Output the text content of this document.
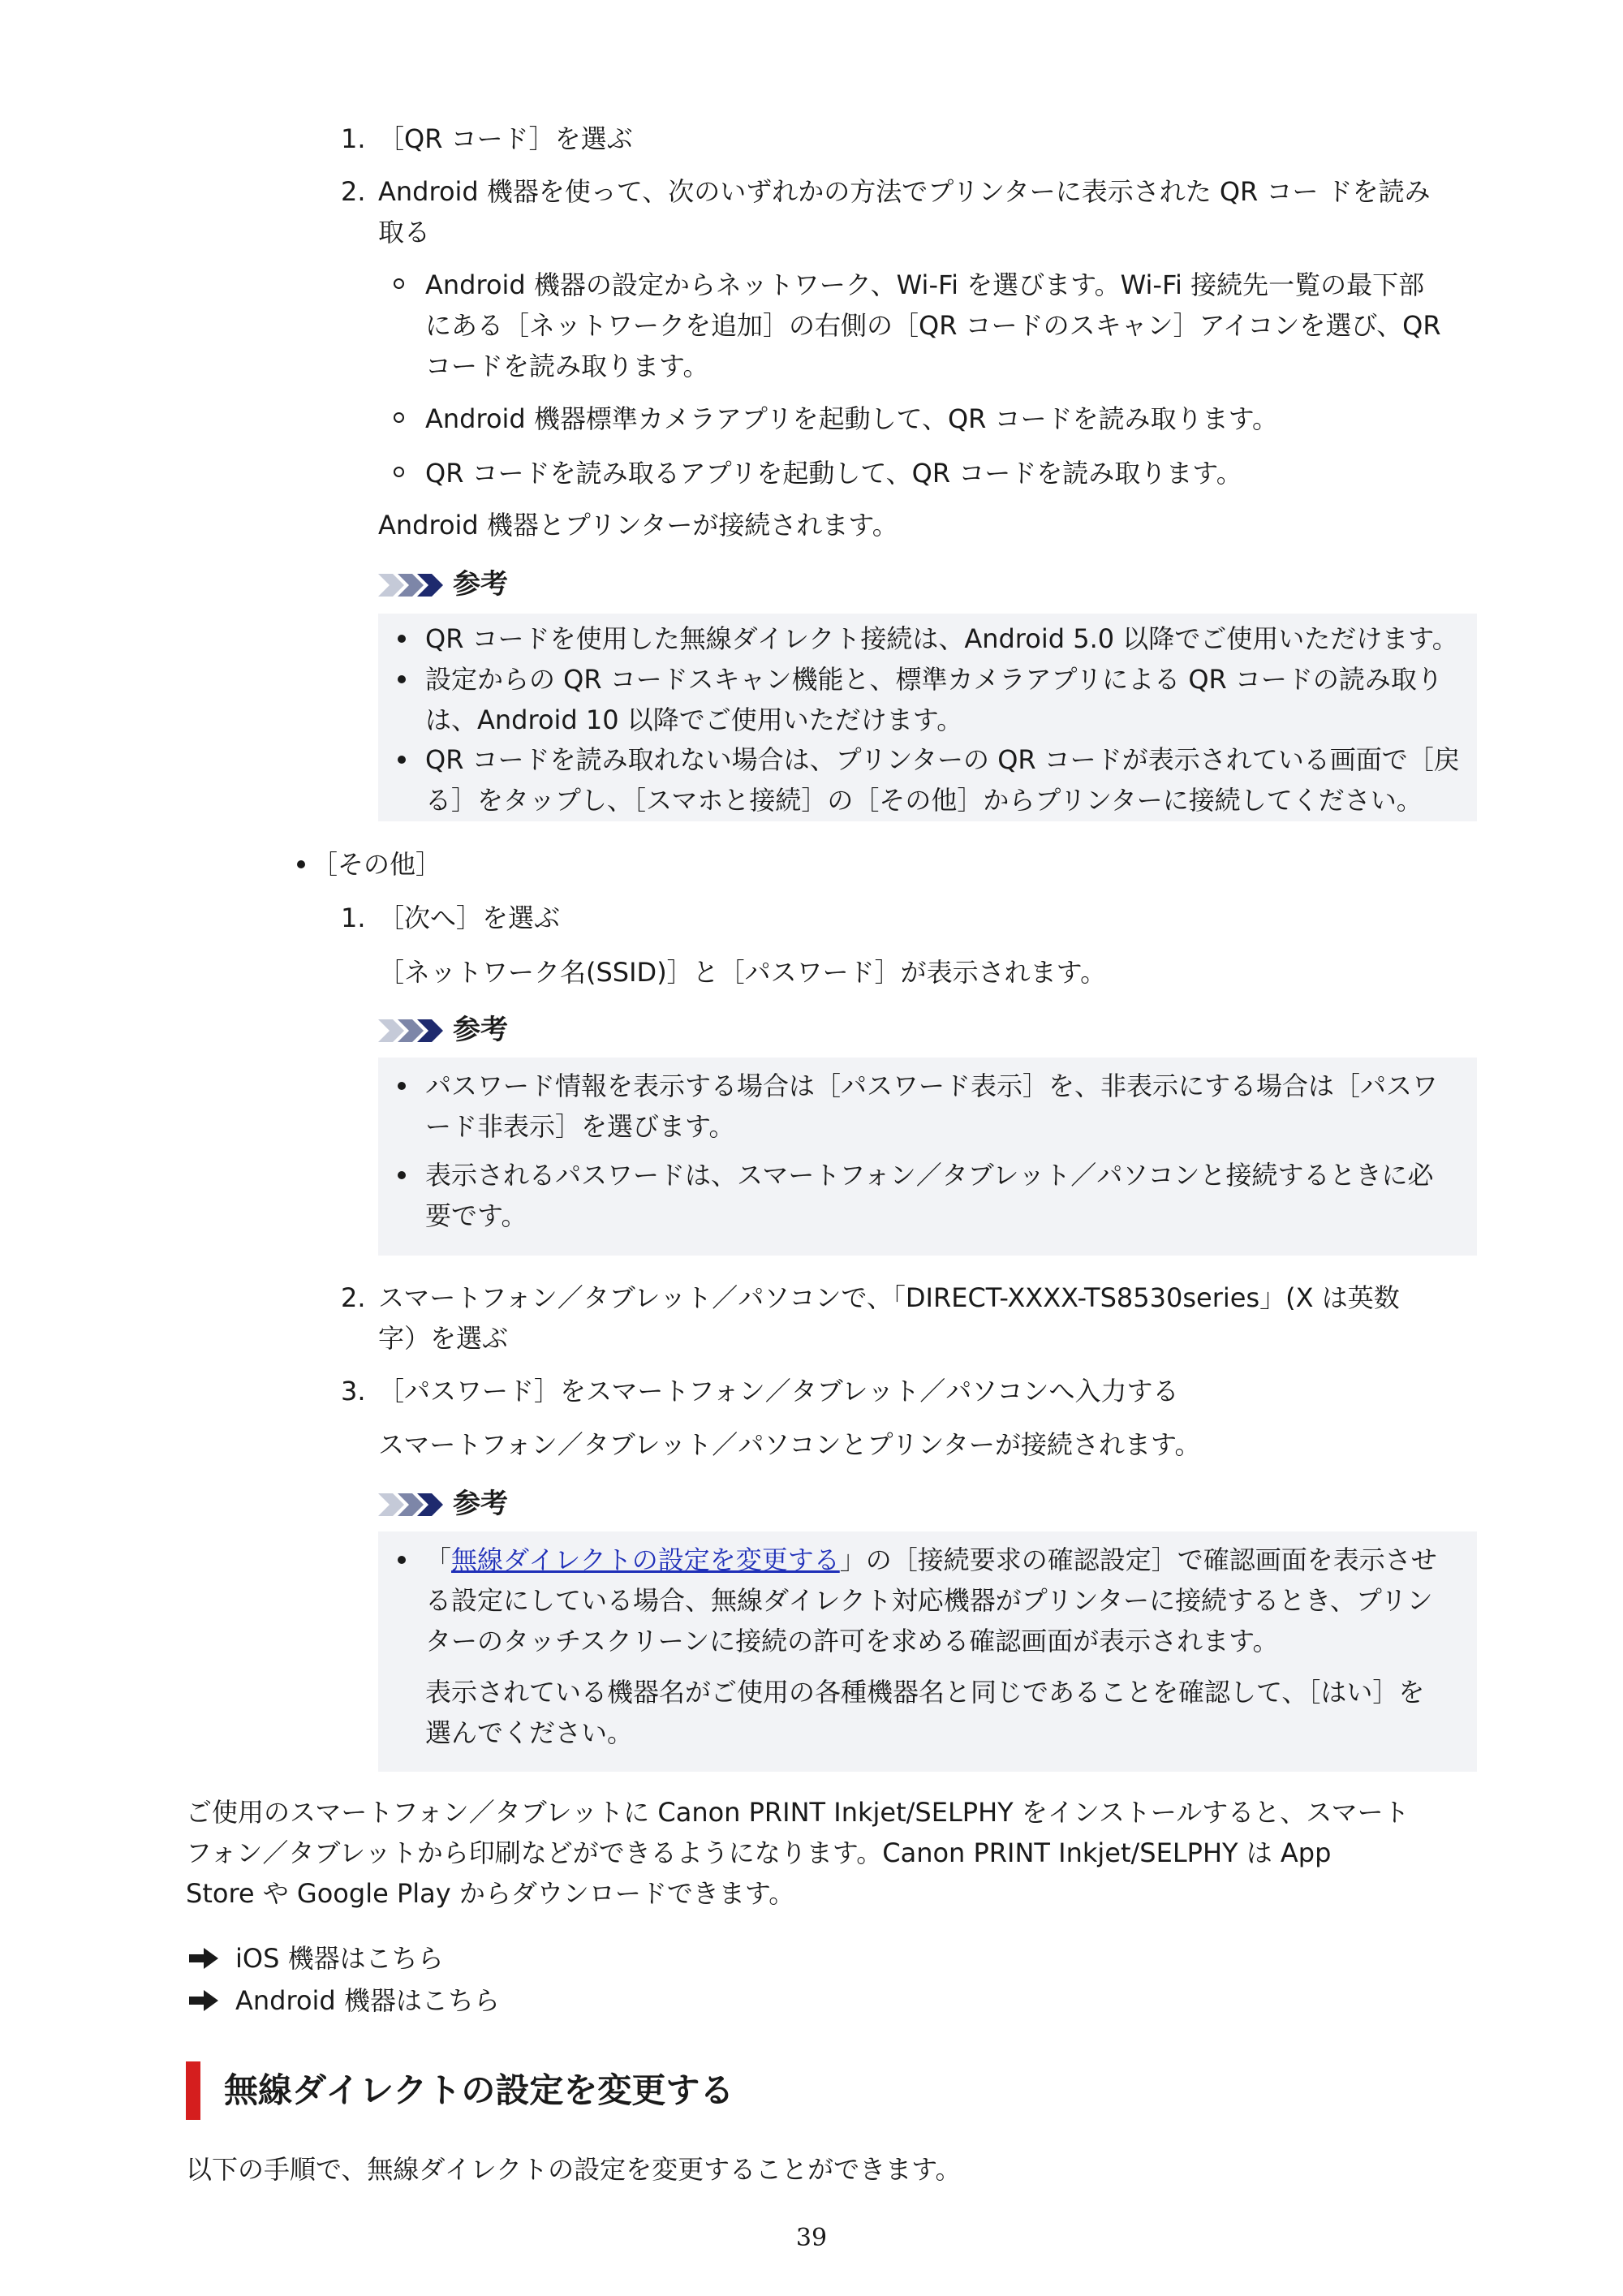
1. ［QR コード］を選ぶ
2. Android 機器を使って、次のいずれかの方法でプリンターに表示された QR コー ドを読み
取る
Android 機器の設定からネットワーク、Wi-Fi を選びます。Wi-Fi 接続先一覧の最下部
にある［ネットワークを追加］の右側の［QR コードのスキャン］アイコンを選び、QR
コードを読み取ります。
Android 機器標準カメラアプリを起動して、QR コードを読み取ります。
QR コードを読み取るアプリを起動して、QR コードを読み取ります。
Android 機器とプリンターが接続されます。
参考
QR コードを使用した無線ダイレクト接続は、Android 5.0 以降でご使用いただけます。
設定からの QR コードスキャン機能と、標準カメラアプリによる QR コードの読み取り
は、Android 10 以降でご使用いただけます。
QR コードを読み取れない場合は、プリンターの QR コードが表示されている画面で［戻
る］をタップし、［スマホと接続］の［その他］からプリンターに接続してください。
［その他］
1. ［次へ］を選ぶ
［ネットワーク名(SSID)］と［パスワード］が表示されます。
参考
パスワード情報を表示する場合は［パスワード表示］を、非表示にする場合は［パスワ
ード非表示］を選びます。
表示されるパスワードは、スマートフォン／タブレット／パソコンと接続するときに必
要です。
2. スマートフォン／タブレット／パソコンで、「DIRECT-XXXX-TS8530series」(X は英数
字）を選ぶ
3. ［パスワード］をスマートフォン／タブレット／パソコンへ入力する
スマートフォン／タブレット／パソコンとプリンターが接続されます。
参考
「無線ダイレクトの設定を変更する」の［接続要求の確認設定］で確認画面を表示させ
る設定にしている場合、無線ダイレクト対応機器がプリンターに接続するとき、プリン
ターのタッチスクリーンに接続の許可を求める確認画面が表示されます。
表示されている機器名がご使用の各種機器名と同じであることを確認して、［はい］を
選んでください。
ご使用のスマートフォン／タブレットに Canon PRINT Inkjet/SELPHY をインストールすると、スマート
フォン／タブレットから印刷などができるようになります。Canon PRINT Inkjet/SELPHY は App
Store や Google Play からダウンロードできます。
iOS 機器はこちら
Android 機器はこちら
無線ダイレクトの設定を変更する
以下の手順で、無線ダイレクトの設定を変更することができます。
39
